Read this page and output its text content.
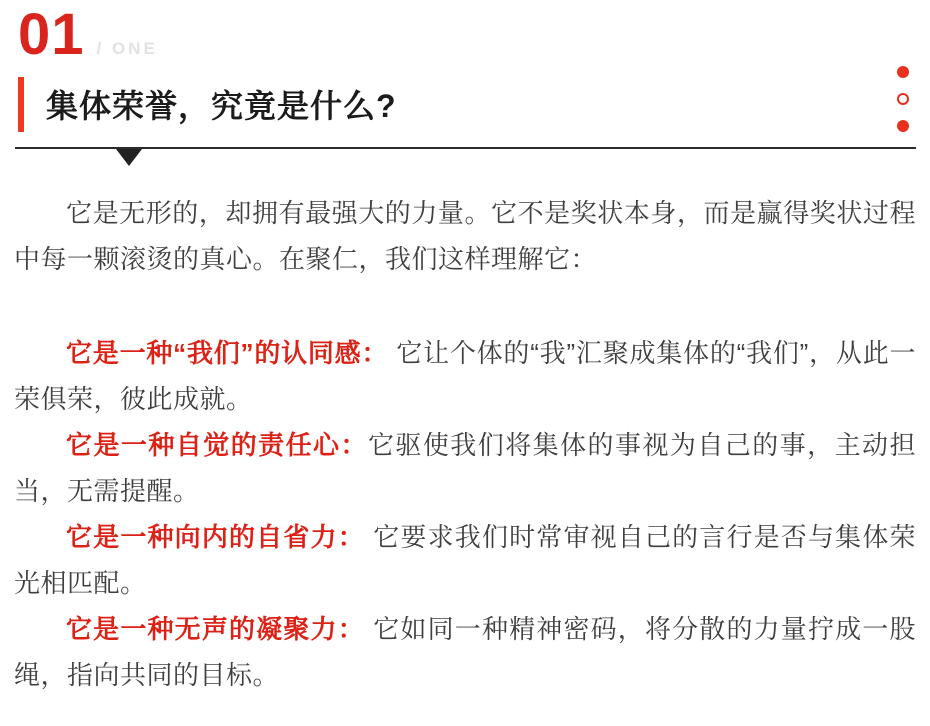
01 / ONE
集体荣誉，究竟是什么?

它是无形的，却拥有最强大的力量。它不是奖状本身，而是赢得奖状过程中每一颗滚烫的真心。在聚仁，我们这样理解它：

它是一种“我们”的认同感： 它让个体的“我”汇聚成集体的“我们”，从此一荣俱荣，彼此成就。

它是一种自觉的责任心：它驱使我们将集体的事视为自己的事，主动担当，无需提醒。

它是一种向内的自省力： 它要求我们时常审视自己的言行是否与集体荣光相匹配。

它是一种无声的凝聚力： 它如同一种精神密码，将分散的力量拧成一股绳，指向共同的目标。
